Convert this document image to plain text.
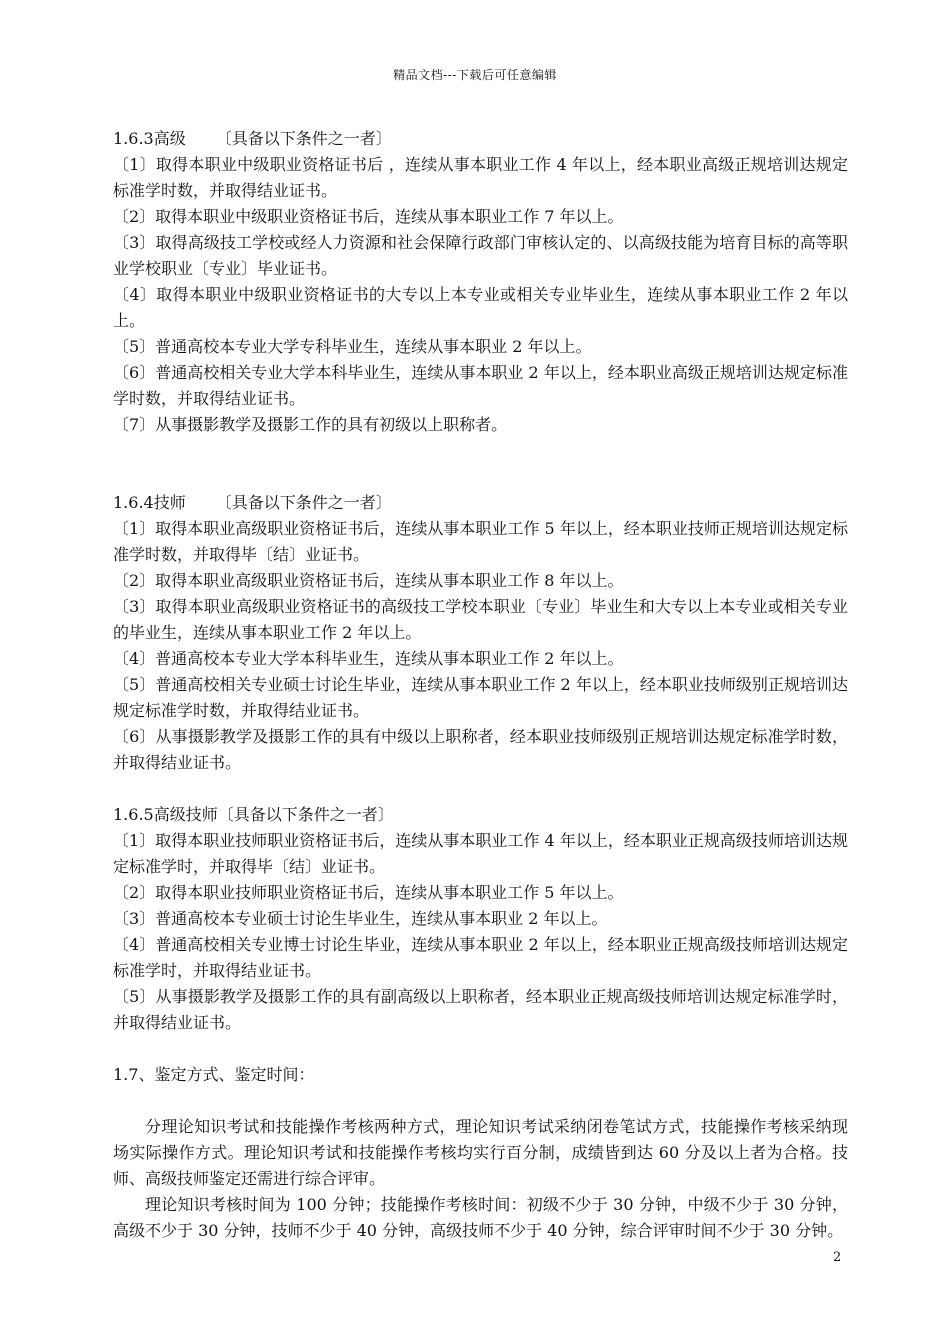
精品文档---下载后可任意编辑

1.6.3高级 〔具备以下条件之一者〕

〔1〕取得本职业中级职业资格证书后 ，连续从事本职业工作 4 年以上，经本职业高级正规培训达规定标准学时数，并取得结业证书。

〔2〕取得本职业中级职业资格证书后，连续从事本职业工作 7 年以上。

〔3〕取得高级技工学校或经人力资源和社会保障行政部门审核认定的、以高级技能为培育目标的高等职业学校职业〔专业〕毕业证书。

〔4〕取得本职业中级职业资格证书的大专以上本专业或相关专业毕业生，连续从事本职业工作 2 年以上。

〔5〕普通高校本专业大学专科毕业生，连续从事本职业 2 年以上。

〔6〕普通高校相关专业大学本科毕业生，连续从事本职业 2 年以上，经本职业高级正规培训达规定标准学时数，并取得结业证书。

〔7〕从事摄影教学及摄影工作的具有初级以上职称者。

1.6.4技师 〔具备以下条件之一者〕

〔1〕取得本职业高级职业资格证书后，连续从事本职业工作 5 年以上，经本职业技师正规培训达规定标准学时数，并取得毕〔结〕业证书。

〔2〕取得本职业高级职业资格证书后，连续从事本职业工作 8 年以上。

〔3〕取得本职业高级职业资格证书的高级技工学校本职业〔专业〕毕业生和大专以上本专业或相关专业的毕业生，连续从事本职业工作 2 年以上。

〔4〕普通高校本专业大学本科毕业生，连续从事本职业工作 2 年以上。

〔5〕普通高校相关专业硕士讨论生毕业，连续从事本职业工作 2 年以上，经本职业技师级别正规培训达规定标准学时数，并取得结业证书。

〔6〕从事摄影教学及摄影工作的具有中级以上职称者，经本职业技师级别正规培训达规定标准学时数，并取得结业证书。

1.6.5高级技师〔具备以下条件之一者〕

〔1〕取得本职业技师职业资格证书后，连续从事本职业工作 4 年以上，经本职业正规高级技师培训达规定标准学时，并取得毕〔结〕业证书。

〔2〕取得本职业技师职业资格证书后，连续从事本职业工作 5 年以上。

〔3〕普通高校本专业硕士讨论生毕业生，连续从事本职业 2 年以上。

〔4〕普通高校相关专业博士讨论生毕业，连续从事本职业 2 年以上，经本职业正规高级技师培训达规定标准学时，并取得结业证书。

〔5〕从事摄影教学及摄影工作的具有副高级以上职称者，经本职业正规高级技师培训达规定标准学时，并取得结业证书。

1.7、鉴定方式、鉴定时间：

分理论知识考试和技能操作考核两种方式，理论知识考试采纳闭卷笔试方式，技能操作考核采纳现场实际操作方式。理论知识考试和技能操作考核均实行百分制，成绩皆到达 60 分及以上者为合格。技师、高级技师鉴定还需进行综合评审。

理论知识考核时间为 100 分钟；技能操作考核时间：初级不少于 30 分钟，中级不少于 30 分钟，高级不少于 30 分钟，技师不少于 40 分钟，高级技师不少于 40 分钟，综合评审时间不少于 30 分钟。

2
